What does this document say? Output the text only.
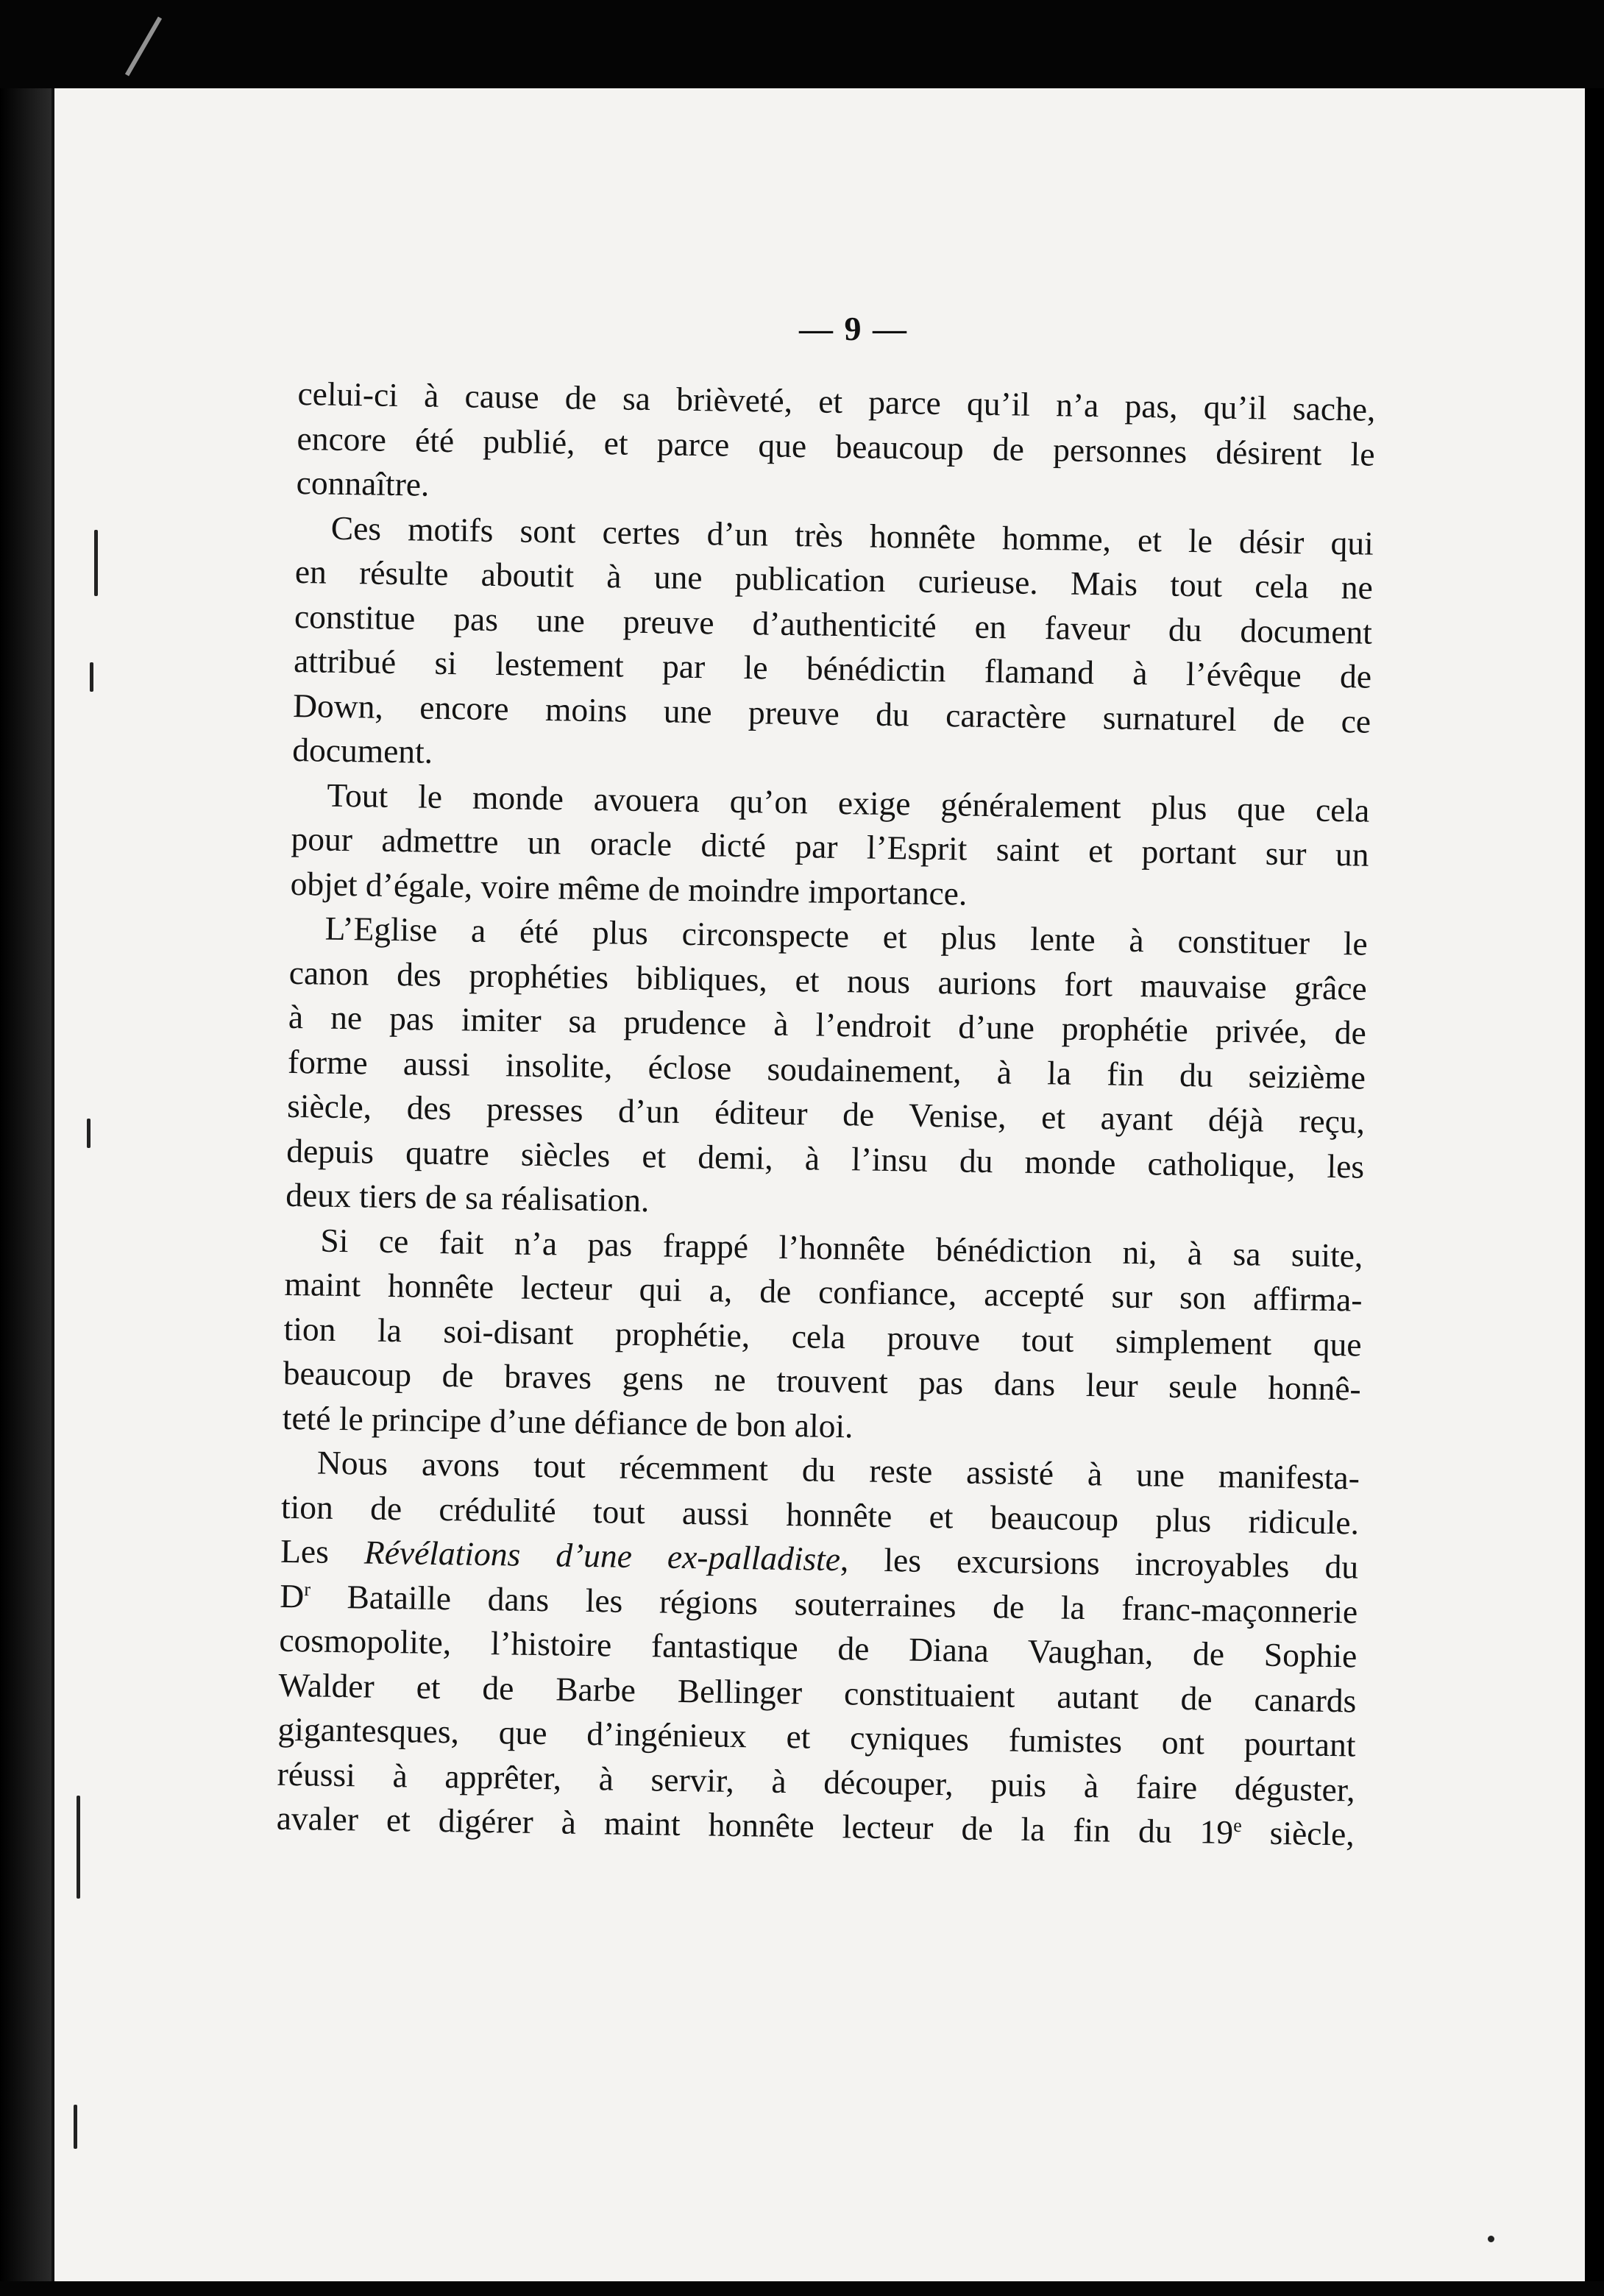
— 9 —

celui-ci à cause de sa brièveté, et parce qu’il n’a pas, qu’il sache,
encore été publié, et parce que beaucoup de personnes désirent le
connaître.

Ces motifs sont certes d’un très honnête homme, et le désir qui
en résulte aboutit à une publication curieuse. Mais tout cela ne
constitue pas une preuve d’authenticité en faveur du document
attribué si lestement par le bénédictin flamand à l’évêque de
Down, encore moins une preuve du caractère surnaturel de ce
document.

Tout le monde avouera qu’on exige généralement plus que cela
pour admettre un oracle dicté par l’Esprit saint et portant sur un
objet d’égale, voire même de moindre importance.

L’Eglise a été plus circonspecte et plus lente à constituer le
canon des prophéties bibliques, et nous aurions fort mauvaise grâce
à ne pas imiter sa prudence à l’endroit d’une prophétie privée, de
forme aussi insolite, éclose soudainement, à la fin du seizième
siècle, des presses d’un éditeur de Venise, et ayant déjà reçu,
depuis quatre siècles et demi, à l’insu du monde catholique, les
deux tiers de sa réalisation.

Si ce fait n’a pas frappé l’honnête bénédiction ni, à sa suite,
maint honnête lecteur qui a, de confiance, accepté sur son affirma-
tion la soi-disant prophétie, cela prouve tout simplement que
beaucoup de braves gens ne trouvent pas dans leur seule honnê-
teté le principe d’une défiance de bon aloi.

Nous avons tout récemment du reste assisté à une manifesta-
tion de crédulité tout aussi honnête et beaucoup plus ridicule.
Les Révélations d’une ex-palladiste, les excursions incroyables du
$D^r$ Bataille dans les régions souterraines de la franc-maçonnerie
cosmopolite, l’histoire fantastique de Diana Vaughan, de Sophie
Walder et de Barbe Bellinger constituaient autant de canards
gigantesques, que d’ingénieux et cyniques fumistes ont pourtant
réussi à apprêter, à servir, à découper, puis à faire déguster,
avaler et digérer à maint honnête lecteur de la fin du 19e siècle,
